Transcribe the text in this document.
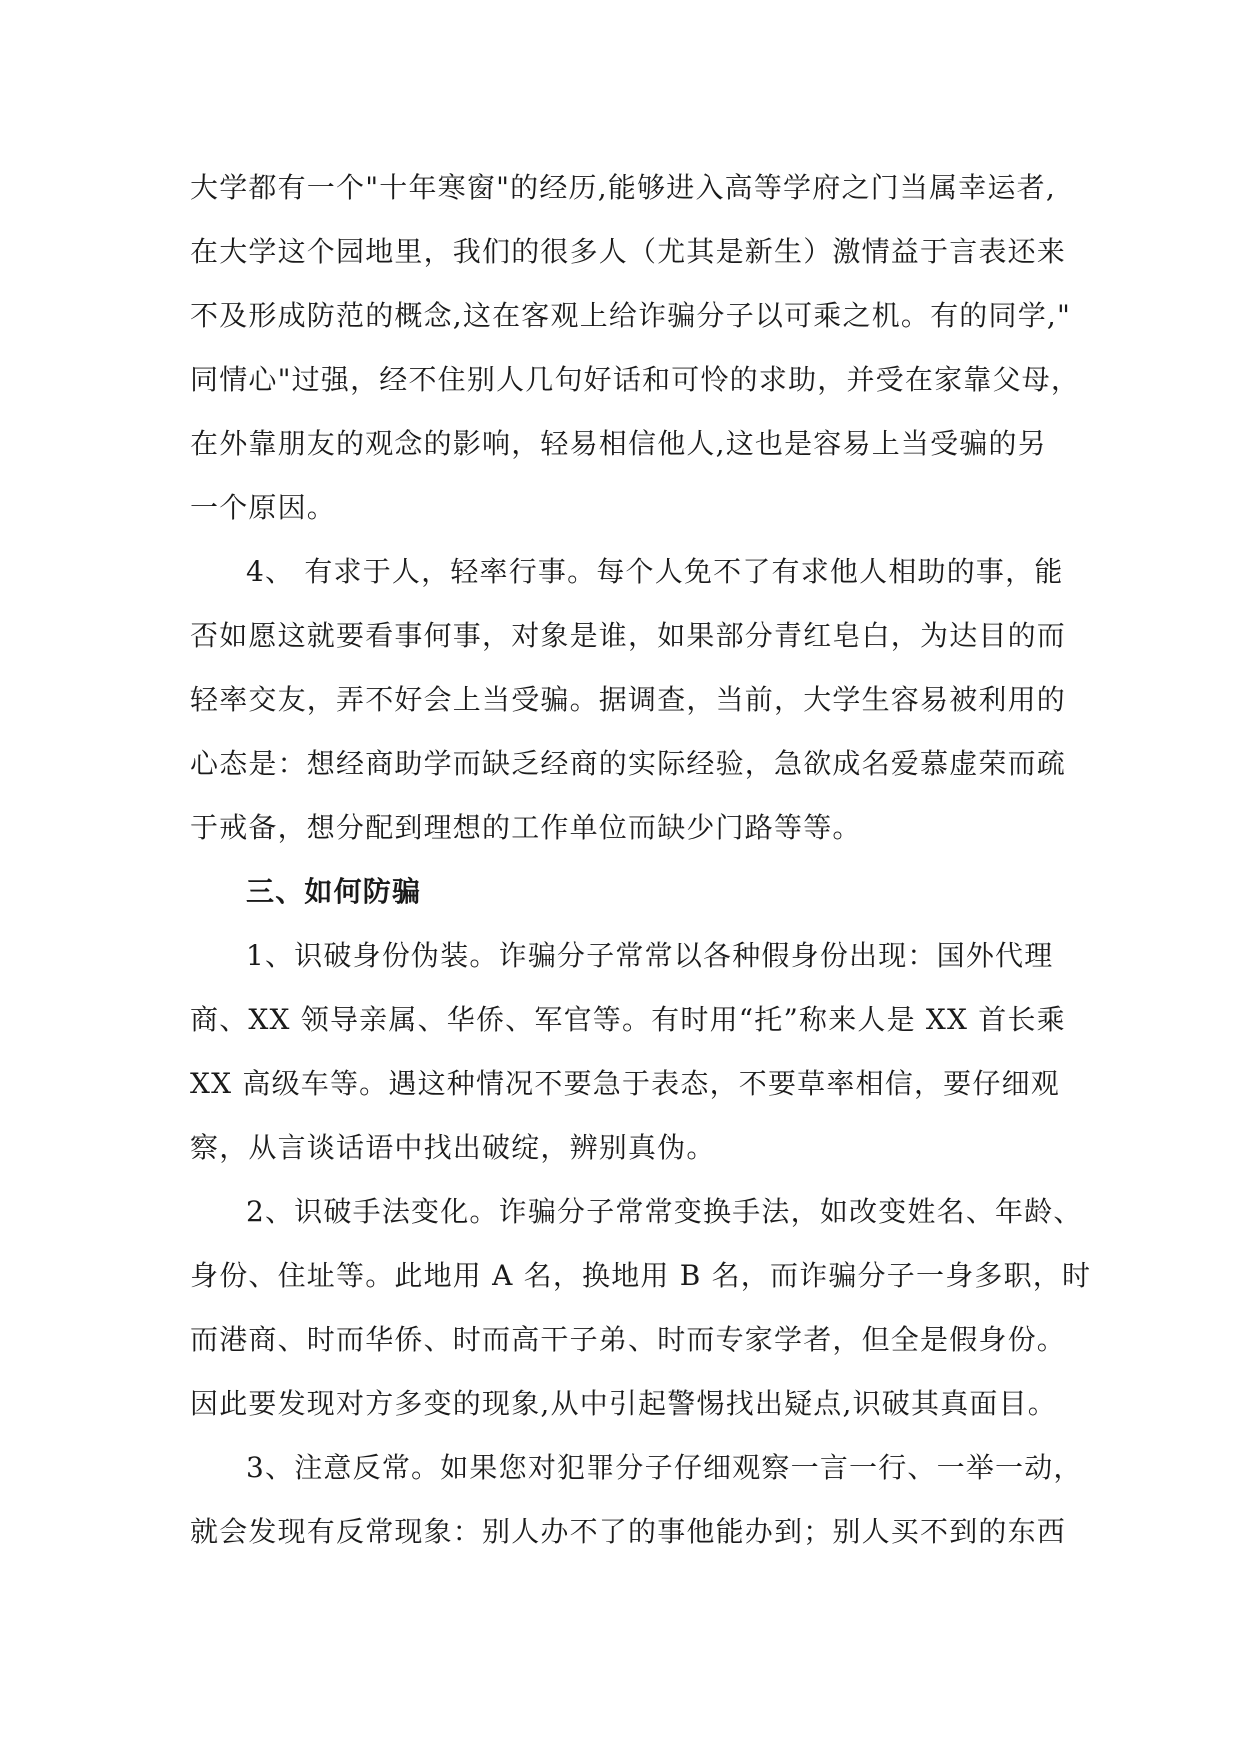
大学都有一个"十年寒窗"的经历,能够进入高等学府之门当属幸运者,
在大学这个园地里，我们的很多人（尤其是新生）激情益于言表还来
不及形成防范的概念,这在客观上给诈骗分子以可乘之机。有的同学,"
同情心"过强，经不住别人几句好话和可怜的求助，并受在家靠父母，
在外靠朋友的观念的影响，轻易相信他人,这也是容易上当受骗的另
一个原因。
4、 有求于人，轻率行事。每个人免不了有求他人相助的事，能
否如愿这就要看事何事，对象是谁，如果部分青红皂白，为达目的而
轻率交友，弄不好会上当受骗。据调查，当前，大学生容易被利用的
心态是：想经商助学而缺乏经商的实际经验，急欲成名爱慕虚荣而疏
于戒备，想分配到理想的工作单位而缺少门路等等。
三、如何防骗
1、识破身份伪装。诈骗分子常常以各种假身份出现：国外代理
商、XX 领导亲属、华侨、军官等。有时用“托”称来人是 XX 首长乘
XX 高级车等。遇这种情况不要急于表态，不要草率相信，要仔细观
察，从言谈话语中找出破绽，辨别真伪。
2、识破手法变化。诈骗分子常常变换手法，如改变姓名、年龄、
身份、住址等。此地用 A 名，换地用 B 名，而诈骗分子一身多职，时
而港商、时而华侨、时而高干子弟、时而专家学者，但全是假身份。
因此要发现对方多变的现象,从中引起警惕找出疑点,识破其真面目。
3、注意反常。如果您对犯罪分子仔细观察一言一行、一举一动，
就会发现有反常现象：别人办不了的事他能办到；别人买不到的东西
